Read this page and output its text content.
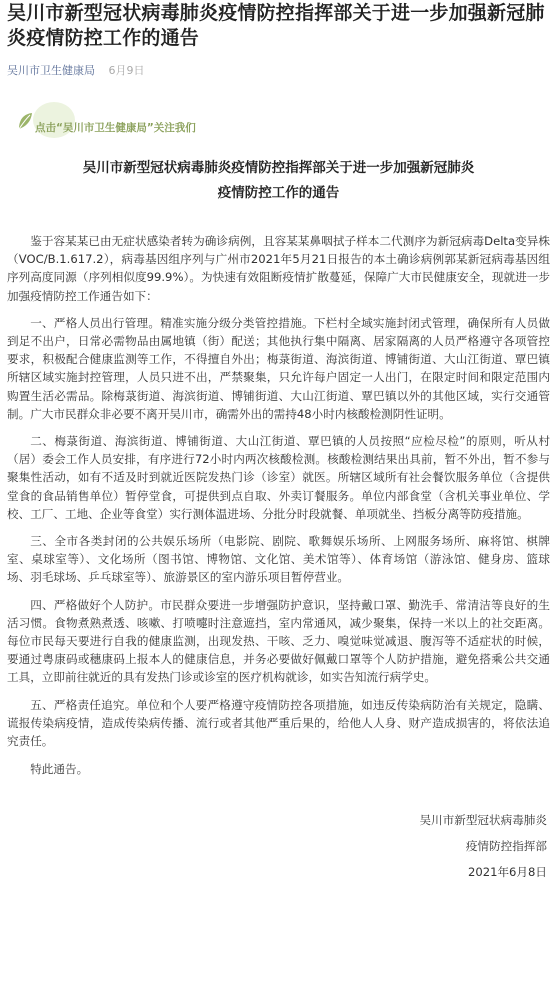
吴川市新型冠状病毒肺炎疫情防控指挥部关于进一步加强新冠肺炎疫情防控工作的通告
吴川市卫生健康局 6月9日
点击“吴川市卫生健康局”关注我们
吴川市新型冠状病毒肺炎疫情防控指挥部关于进一步加强新冠肺炎
疫情防控工作的通告

鉴于容某某已由无症状感染者转为确诊病例，且容某某鼻咽拭子样本二代测序为新冠病毒Delta变异株（VOC/B.1.617.2），病毒基因组序列与广州市2021年5月21日报告的本土确诊病例郭某新冠病毒基因组序列高度同源（序列相似度99.9%）。为快速有效阻断疫情扩散蔓延，保障广大市民健康安全，现就进一步加强疫情防控工作通告如下：

一、严格人员出行管理。精准实施分级分类管控措施。下栏村全域实施封闭式管理，确保所有人员做到足不出户，日常必需物品由属地镇（街）配送；其他执行集中隔离、居家隔离的人员严格遵守各项管控要求，积极配合健康监测等工作，不得擅自外出；梅菉街道、海滨街道、博铺街道、大山江街道、覃巴镇所辖区域实施封控管理，人员只进不出，严禁聚集，只允许每户固定一人出门，在限定时间和限定范围内购置生活必需品。除梅菉街道、海滨街道、博铺街道、大山江街道、覃巴镇以外的其他区域，实行交通管制。广大市民群众非必要不离开吴川市，确需外出的需持48小时内核酸检测阴性证明。

二、梅菉街道、海滨街道、博铺街道、大山江街道、覃巴镇的人员按照“应检尽检”的原则，听从村（居）委会工作人员安排，有序进行72小时内两次核酸检测。核酸检测结果出具前，暂不外出，暂不参与聚集性活动，如有不适及时到就近医院发热门诊（诊室）就医。所辖区域所有社会餐饮服务单位（含提供堂食的食品销售单位）暂停堂食，可提供到点自取、外卖订餐服务。单位内部食堂（含机关事业单位、学校、工厂、工地、企业等食堂）实行测体温进场、分批分时段就餐、单项就坐、挡板分离等防疫措施。

三、全市各类封闭的公共娱乐场所（电影院、剧院、歌舞娱乐场所、上网服务场所、麻将馆、棋牌室、桌球室等）、文化场所（图书馆、博物馆、文化馆、美术馆等）、体育场馆（游泳馆、健身房、篮球场、羽毛球场、乒乓球室等）、旅游景区的室内游乐项目暂停营业。

四、严格做好个人防护。市民群众要进一步增强防护意识，坚持戴口罩、勤洗手、常清洁等良好的生活习惯。食物煮熟煮透、咳嗽、打喷嚏时注意遮挡，室内常通风，减少聚集，保持一米以上的社交距离。每位市民每天要进行自我的健康监测，出现发热、干咳、乏力、嗅觉味觉减退、腹泻等不适症状的时候，要通过粤康码或穗康码上报本人的健康信息，并务必要做好佩戴口罩等个人防护措施，避免搭乘公共交通工具，立即前往就近的具有发热门诊或诊室的医疗机构就诊，如实告知流行病学史。

五、严格责任追究。单位和个人要严格遵守疫情防控各项措施，如违反传染病防治有关规定，隐瞒、谎报传染病疫情，造成传染病传播、流行或者其他严重后果的，给他人人身、财产造成损害的，将依法追究责任。

特此通告。

吴川市新型冠状病毒肺炎
疫情防控指挥部
2021年6月8日
